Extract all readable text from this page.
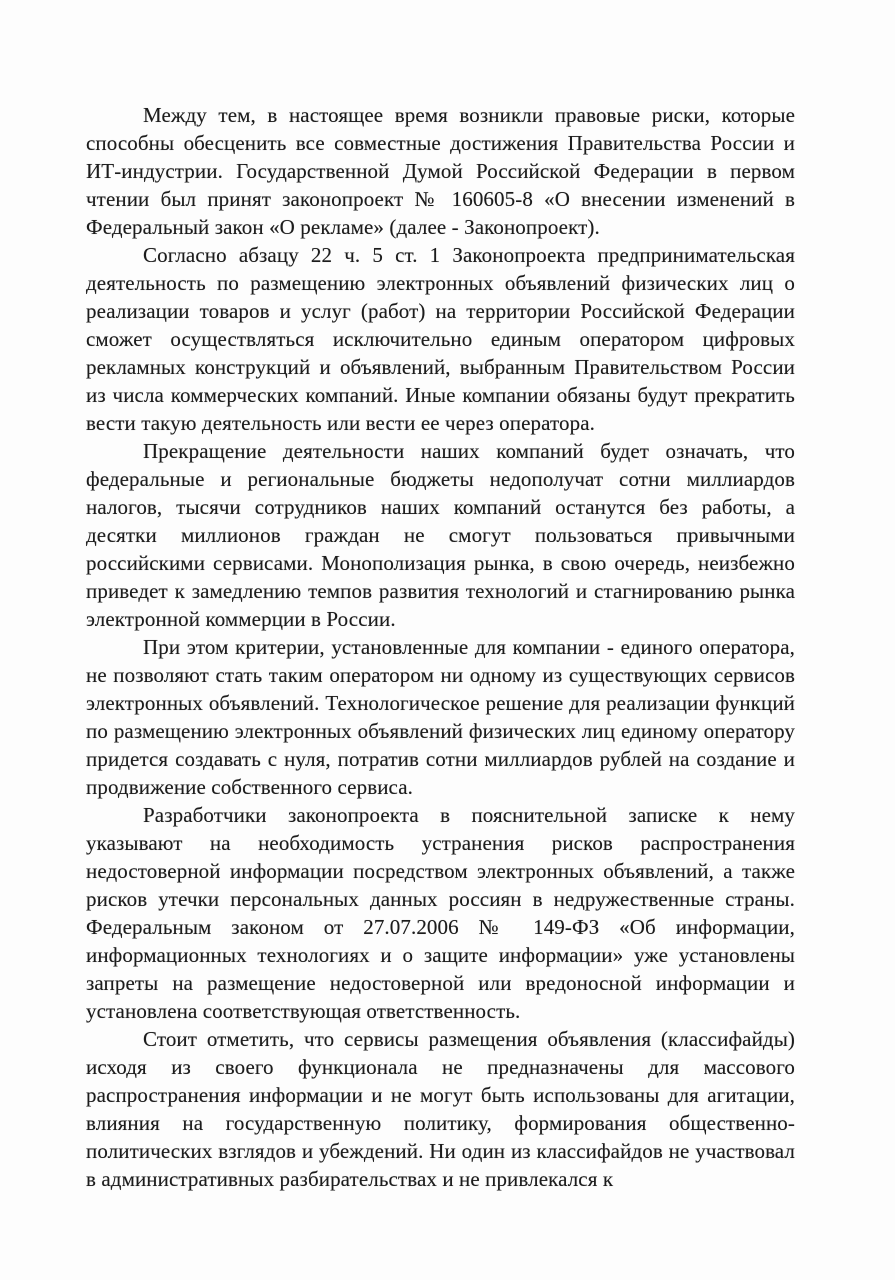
Между тем, в настоящее время возникли правовые риски, которые способны обесценить все совместные достижения Правительства России и ИТ-индустрии. Государственной Думой Российской Федерации в первом чтении был принят законопроект № 160605-8 «О внесении изменений в Федеральный закон «О рекламе» (далее - Законопроект).

Согласно абзацу 22 ч. 5 ст. 1 Законопроекта предпринимательская деятельность по размещению электронных объявлений физических лиц о реализации товаров и услуг (работ) на территории Российской Федерации сможет осуществляться исключительно единым оператором цифровых рекламных конструкций и объявлений, выбранным Правительством России из числа коммерческих компаний. Иные компании обязаны будут прекратить вести такую деятельность или вести ее через оператора.

Прекращение деятельности наших компаний будет означать, что федеральные и региональные бюджеты недополучат сотни миллиардов налогов, тысячи сотрудников наших компаний останутся без работы, а десятки миллионов граждан не смогут пользоваться привычными российскими сервисами. Монополизация рынка, в свою очередь, неизбежно приведет к замедлению темпов развития технологий и стагнированию рынка электронной коммерции в России.

При этом критерии, установленные для компании - единого оператора, не позволяют стать таким оператором ни одному из существующих сервисов электронных объявлений. Технологическое решение для реализации функций по размещению электронных объявлений физических лиц единому оператору придется создавать с нуля, потратив сотни миллиардов рублей на создание и продвижение собственного сервиса.

Разработчики законопроекта в пояснительной записке к нему указывают на необходимость устранения рисков распространения недостоверной информации посредством электронных объявлений, а также рисков утечки персональных данных россиян в недружественные страны. Федеральным законом от 27.07.2006 № 149-ФЗ «Об информации, информационных технологиях и о защите информации» уже установлены запреты на размещение недостоверной или вредоносной информации и установлена соответствующая ответственность.

Стоит отметить, что сервисы размещения объявления (классифайды) исходя из своего функционала не предназначены для массового распространения информации и не могут быть использованы для агитации, влияния на государственную политику, формирования общественно-политических взглядов и убеждений. Ни один из классифайдов не участвовал в административных разбирательствах и не привлекался к
